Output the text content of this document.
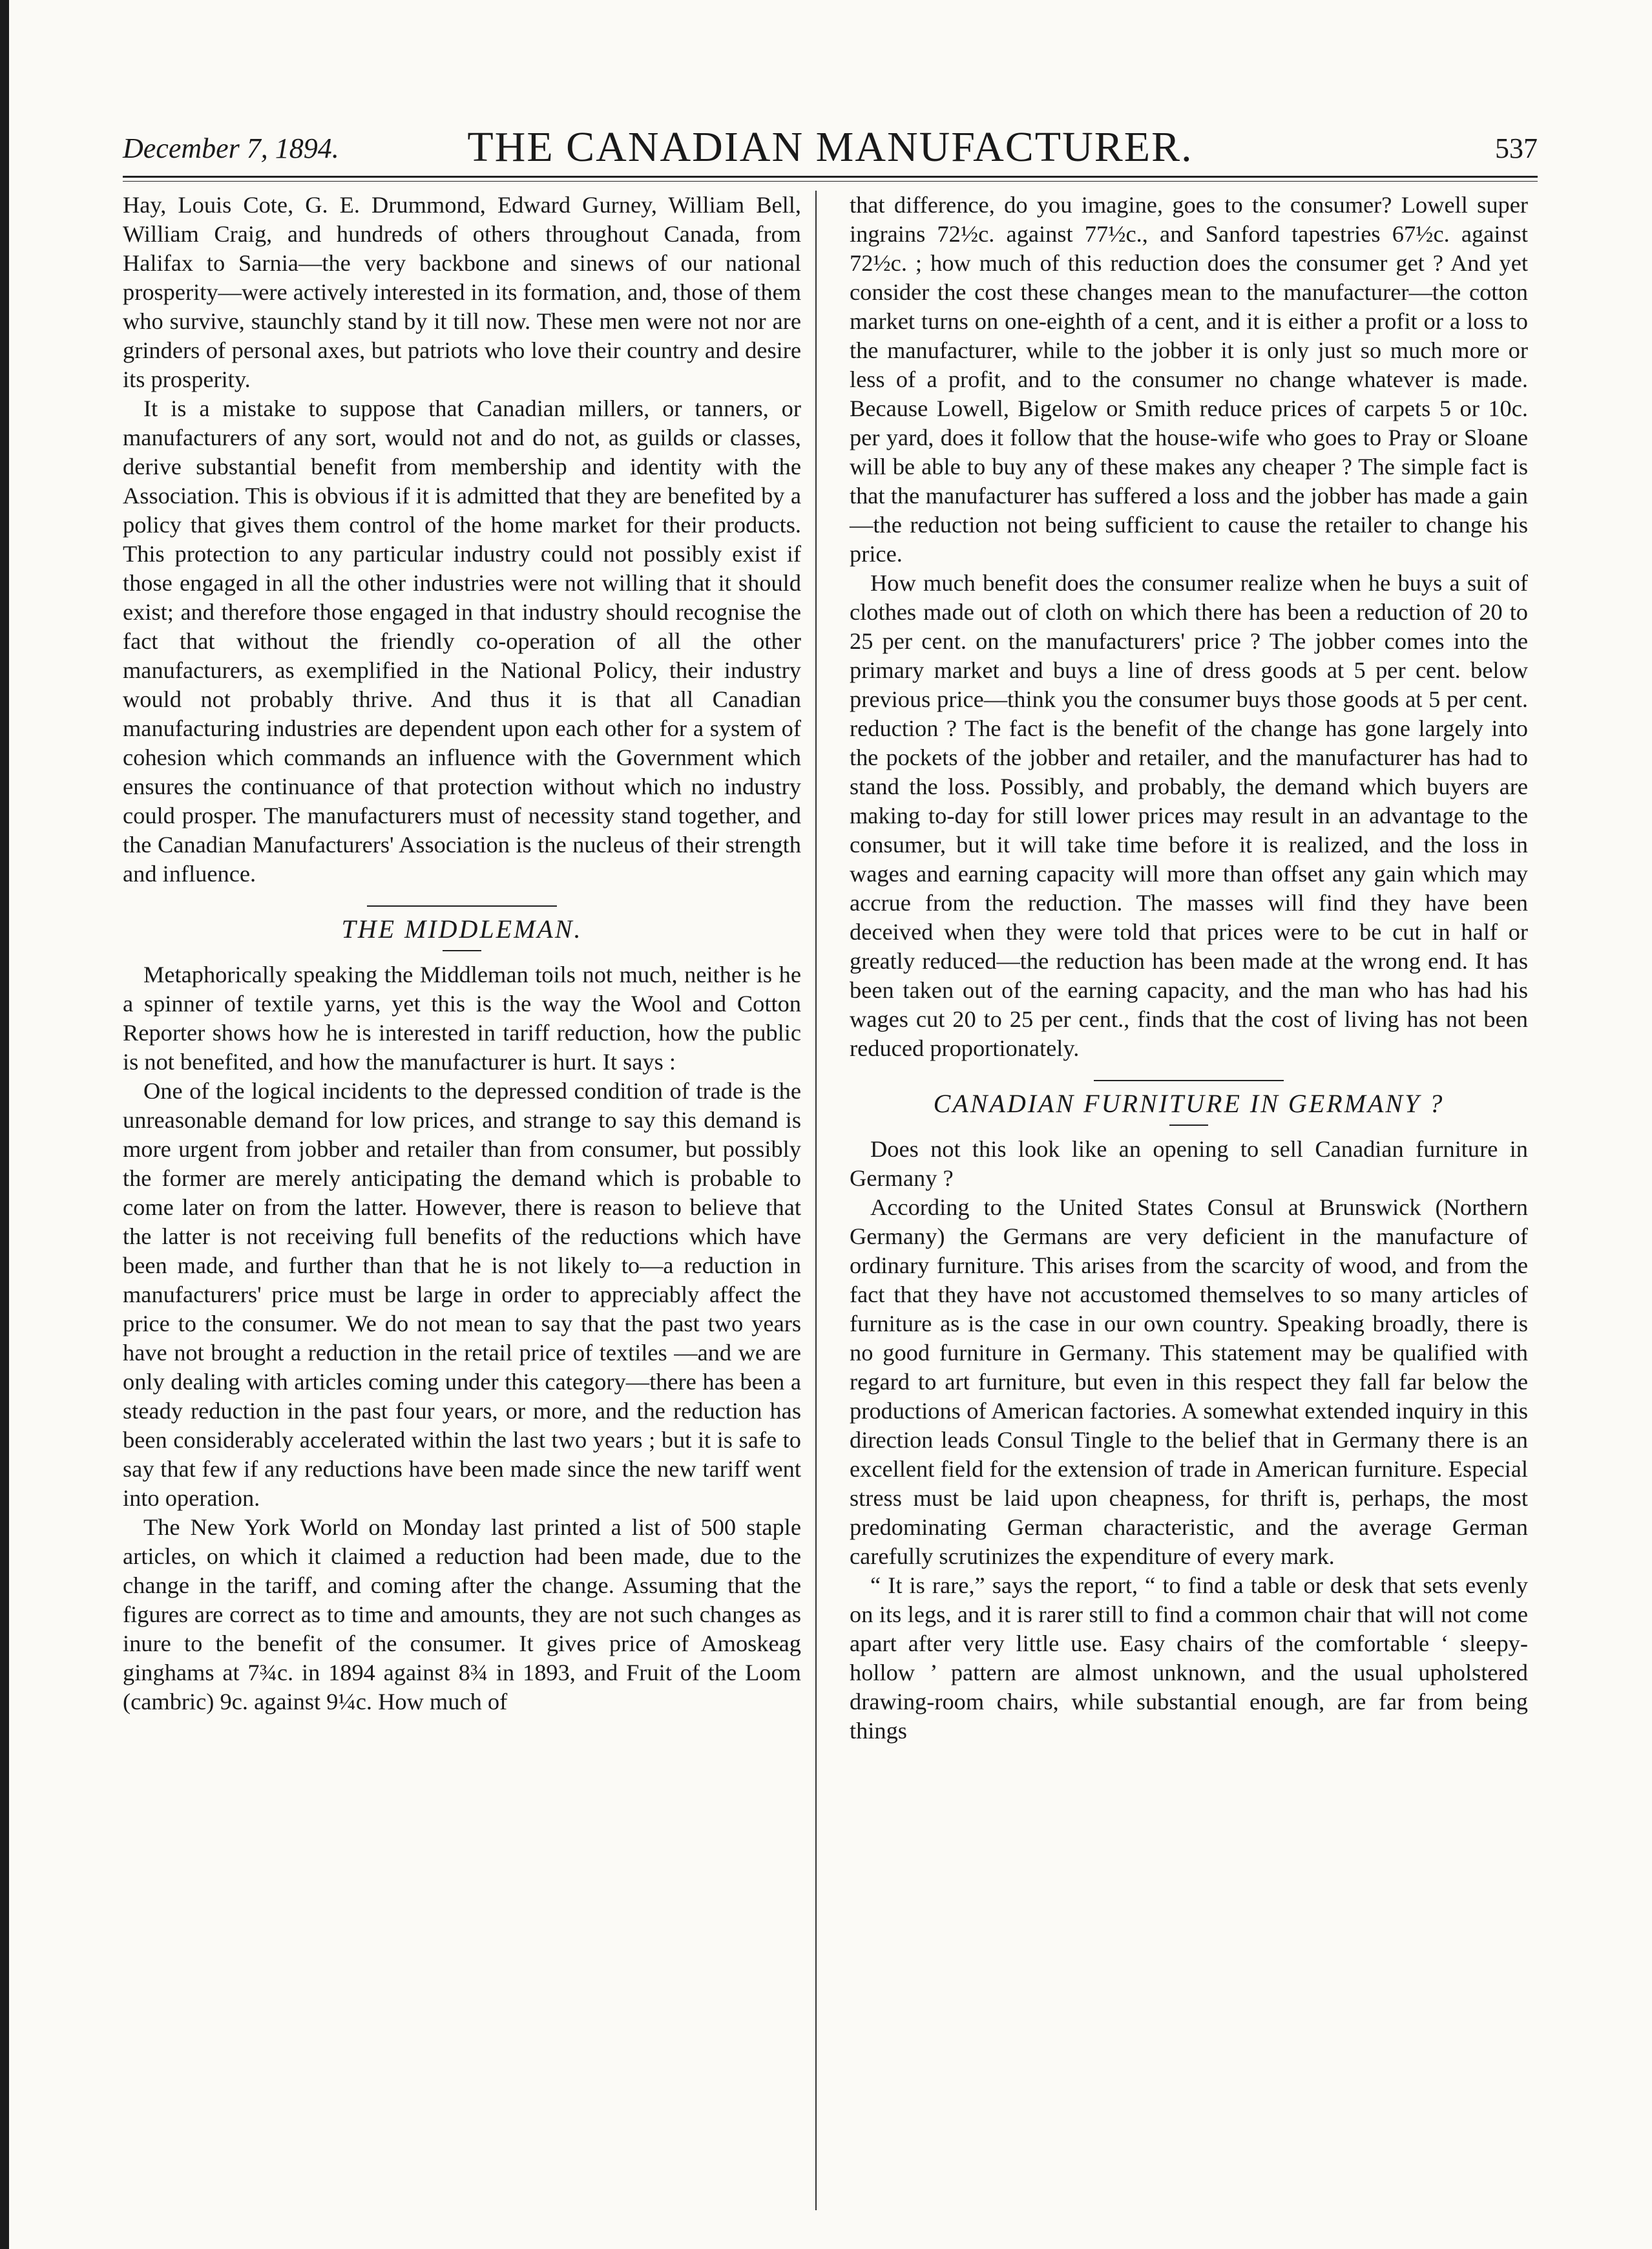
December 7, 1894.	THE CANADIAN MANUFACTURER.	537

Hay, Louis Cote, G. E. Drummond, Edward Gurney, William Bell, William Craig, and hundreds of others throughout Canada, from Halifax to Sarnia—the very backbone and sinews of our national prosperity—were actively interested in its formation, and, those of them who survive, staunchly stand by it till now. These men were not nor are grinders of personal axes, but patriots who love their country and desire its prosperity.

It is a mistake to suppose that Canadian millers, or tanners, or manufacturers of any sort, would not and do not, as guilds or classes, derive substantial benefit from membership and identity with the Association. This is obvious if it is admitted that they are benefited by a policy that gives them control of the home market for their products. This protection to any particular industry could not possibly exist if those engaged in all the other industries were not willing that it should exist; and therefore those engaged in that industry should recognise the fact that without the friendly co-operation of all the other manufacturers, as exemplified in the National Policy, their industry would not probably thrive. And thus it is that all Canadian manufacturing industries are dependent upon each other for a system of cohesion which commands an influence with the Government which ensures the continuance of that protection without which no industry could prosper. The manufacturers must of necessity stand together, and the Canadian Manufacturers' Association is the nucleus of their strength and influence.

THE MIDDLEMAN.

Metaphorically speaking the Middleman toils not much, neither is he a spinner of textile yarns, yet this is the way the Wool and Cotton Reporter shows how he is interested in tariff reduction, how the public is not benefited, and how the manufacturer is hurt. It says :

One of the logical incidents to the depressed condition of trade is the unreasonable demand for low prices, and strange to say this demand is more urgent from jobber and retailer than from consumer, but possibly the former are merely anticipating the demand which is probable to come later on from the latter. However, there is reason to believe that the latter is not receiving full benefits of the reductions which have been made, and further than that he is not likely to—a reduction in manufacturers' price must be large in order to appreciably affect the price to the consumer. We do not mean to say that the past two years have not brought a reduction in the retail price of textiles —and we are only dealing with articles coming under this category—there has been a steady reduction in the past four years, or more, and the reduction has been considerably accelerated within the last two years ; but it is safe to say that few if any reductions have been made since the new tariff went into operation.

The New York World on Monday last printed a list of 500 staple articles, on which it claimed a reduction had been made, due to the change in the tariff, and coming after the change. Assuming that the figures are correct as to time and amounts, they are not such changes as inure to the benefit of the consumer. It gives price of Amoskeag ginghams at 7¾c. in 1894 against 8¾ in 1893, and Fruit of the Loom (cambric) 9c. against 9¼c. How much of

that difference, do you imagine, goes to the consumer? Lowell super ingrains 72½c. against 77½c., and Sanford tapestries 67½c. against 72½c. ; how much of this reduction does the consumer get ? And yet consider the cost these changes mean to the manufacturer—the cotton market turns on one-eighth of a cent, and it is either a profit or a loss to the manufacturer, while to the jobber it is only just so much more or less of a profit, and to the consumer no change whatever is made. Because Lowell, Bigelow or Smith reduce prices of carpets 5 or 10c. per yard, does it follow that the house-wife who goes to Pray or Sloane will be able to buy any of these makes any cheaper ? The simple fact is that the manufacturer has suffered a loss and the jobber has made a gain—the reduction not being sufficient to cause the retailer to change his price.

How much benefit does the consumer realize when he buys a suit of clothes made out of cloth on which there has been a reduction of 20 to 25 per cent. on the manufacturers' price ? The jobber comes into the primary market and buys a line of dress goods at 5 per cent. below previous price—think you the consumer buys those goods at 5 per cent. reduction ? The fact is the benefit of the change has gone largely into the pockets of the jobber and retailer, and the manufacturer has had to stand the loss. Possibly, and probably, the demand which buyers are making to-day for still lower prices may result in an advantage to the consumer, but it will take time before it is realized, and the loss in wages and earning capacity will more than offset any gain which may accrue from the reduction. The masses will find they have been deceived when they were told that prices were to be cut in half or greatly reduced—the reduction has been made at the wrong end. It has been taken out of the earning capacity, and the man who has had his wages cut 20 to 25 per cent., finds that the cost of living has not been reduced proportionately.

CANADIAN FURNITURE IN GERMANY ?

Does not this look like an opening to sell Canadian furniture in Germany ?

According to the United States Consul at Brunswick (Northern Germany) the Germans are very deficient in the manufacture of ordinary furniture. This arises from the scarcity of wood, and from the fact that they have not accustomed themselves to so many articles of furniture as is the case in our own country. Speaking broadly, there is no good furniture in Germany. This statement may be qualified with regard to art furniture, but even in this respect they fall far below the productions of American factories. A somewhat extended inquiry in this direction leads Consul Tingle to the belief that in Germany there is an excellent field for the extension of trade in American furniture. Especial stress must be laid upon cheapness, for thrift is, perhaps, the most predominating German characteristic, and the average German carefully scrutinizes the expenditure of every mark.

“ It is rare,” says the report, “ to find a table or desk that sets evenly on its legs, and it is rarer still to find a common chair that will not come apart after very little use. Easy chairs of the comfortable ‘ sleepy-hollow ’ pattern are almost unknown, and the usual upholstered drawing-room chairs, while substantial enough, are far from being things
